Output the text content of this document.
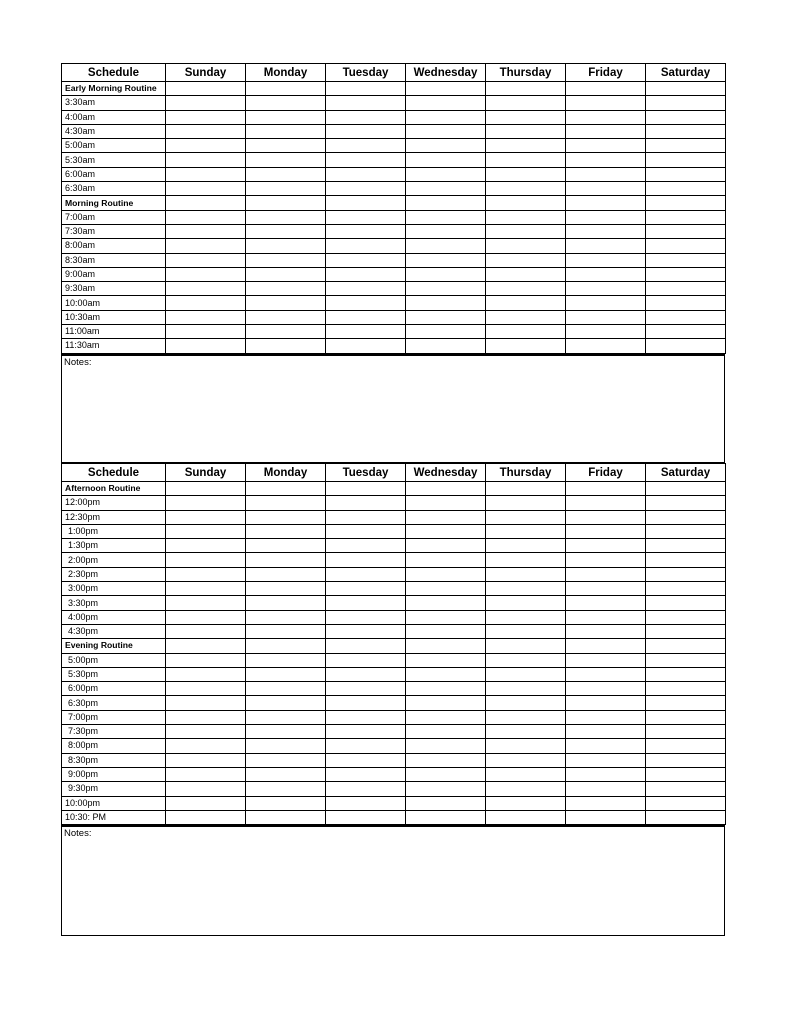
Schedule	Sunday	Monday	Tuesday	Wednesday	Thursday	Friday	Saturday
Early Morning Routine							
3:30am							
4:00am							
4:30am							
5:00am							
5:30am							
6:00am							
6:30am							
Morning Routine							
7:00am							
7:30am							
8:00am							
8:30am							
9:00am							
9:30am							
10:00am							
10:30am							
11:00am							
11:30am							
Notes:
Schedule	Sunday	Monday	Tuesday	Wednesday	Thursday	Friday	Saturday
Afternoon Routine							
12:00pm							
12:30pm							
1:00pm							
1:30pm							
2:00pm							
2:30pm							
3:00pm							
3:30pm							
4:00pm							
4:30pm							
Evening Routine							
5:00pm							
5:30pm							
6:00pm							
6:30pm							
7:00pm							
7:30pm							
8:00pm							
8:30pm							
9:00pm							
9:30pm							
10:00pm							
10:30: PM							
Notes:
